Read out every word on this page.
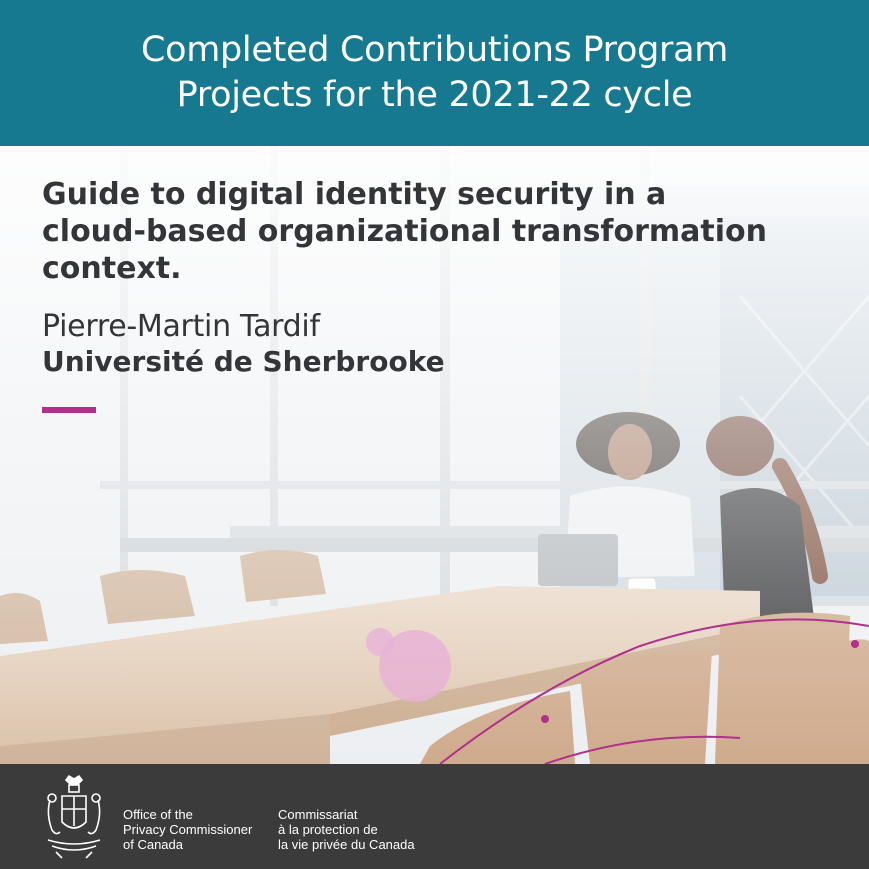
Completed Contributions Program
Projects for the 2021-22 cycle
Guide to digital identity security in a
cloud-based organizational transformation
context.
Pierre-Martin Tardif
Université de Sherbrooke
Office of the
Privacy Commissioner
of Canada
Commissariat
à la protection de
la vie privée du Canada
